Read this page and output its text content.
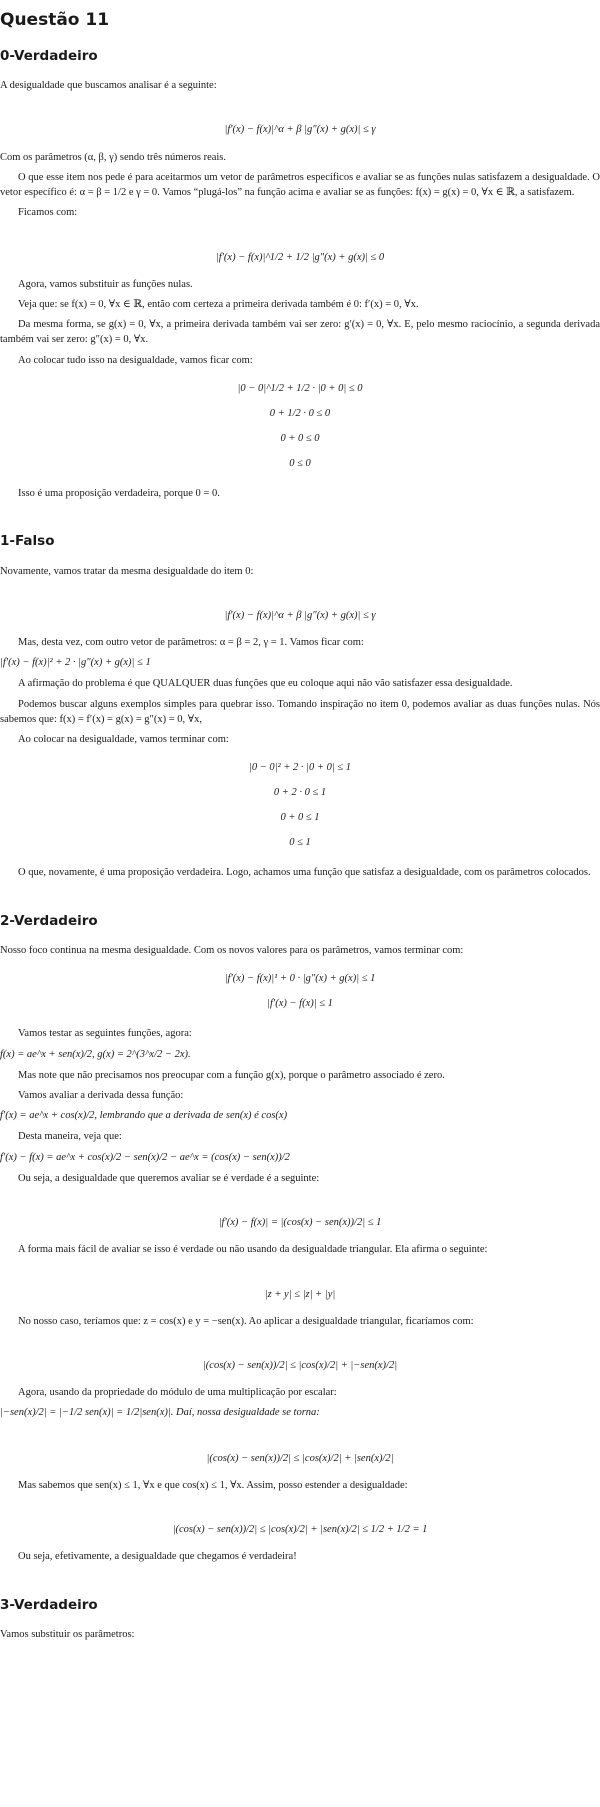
Questão 11
0-Verdadeiro

A desigualdade que buscamos analisar é a seguinte:

|f′(x) − f(x)|^α + β |g″(x) + g(x)| ≤ γ

Com os parâmetros (α, β, γ) sendo três números reais.

O que esse item nos pede é para aceitarmos um vetor de parâmetros específicos e avaliar se as funções nulas satisfazem a desigualdade. O vetor específico é: α = β = 1/2 e γ = 0. Vamos “plugá-los” na função acima e avaliar se as funções: f(x) = g(x) = 0, ∀x ∈ ℝ, a satisfazem.

Ficamos com:

|f′(x) − f(x)|^1/2 + 1/2 |g″(x) + g(x)| ≤ 0

Agora, vamos substituir as funções nulas.

Veja que: se f(x) = 0, ∀x ∈ ℝ, então com certeza a primeira derivada também é 0: f′(x) = 0, ∀x.

Da mesma forma, se g(x) = 0, ∀x, a primeira derivada também vai ser zero: g′(x) = 0, ∀x. E, pelo mesmo raciocínio, a segunda derivada também vai ser zero: g″(x) = 0, ∀x.

Ao colocar tudo isso na desigualdade, vamos ficar com:

|0 − 0|^1/2 + 1/2 · |0 + 0| ≤ 0
0 + 1/2 · 0 ≤ 0
0 + 0 ≤ 0
0 ≤ 0

Isso é uma proposição verdadeira, porque 0 = 0.

1-Falso

Novamente, vamos tratar da mesma desigualdade do item 0:

|f′(x) − f(x)|^α + β |g″(x) + g(x)| ≤ γ

Mas, desta vez, com outro vetor de parâmetros: α = β = 2, γ = 1. Vamos ficar com:

|f′(x) − f(x)|² + 2 · |g″(x) + g(x)| ≤ 1

A afirmação do problema é que QUALQUER duas funções que eu coloque aqui não vão satisfazer essa desigualdade.

Podemos buscar alguns exemplos simples para quebrar isso. Tomando inspiração no item 0, podemos avaliar as duas funções nulas. Nós sabemos que: f(x) = f′(x) = g(x) = g″(x) = 0, ∀x,

Ao colocar na desigualdade, vamos terminar com:

|0 − 0|² + 2 · |0 + 0| ≤ 1
0 + 2 · 0 ≤ 1
0 + 0 ≤ 1
0 ≤ 1

O que, novamente, é uma proposição verdadeira. Logo, achamos uma função que satisfaz a desigualdade, com os parâmetros colocados.

2-Verdadeiro

Nosso foco continua na mesma desigualdade. Com os novos valores para os parâmetros, vamos terminar com:

|f′(x) − f(x)|¹ + 0 · |g″(x) + g(x)| ≤ 1
|f′(x) − f(x)| ≤ 1

Vamos testar as seguintes funções, agora:

f(x) = ae^x + sen(x)/2, g(x) = 2^(3^x/2 − 2x).

Mas note que não precisamos nos preocupar com a função g(x), porque o parâmetro associado é zero.

Vamos avaliar a derivada dessa função:

f′(x) = ae^x + cos(x)/2, lembrando que a derivada de sen(x) é cos(x)

Desta maneira, veja que:

f′(x) − f(x) = ae^x + cos(x)/2 − sen(x)/2 − ae^x = (cos(x) − sen(x))/2

Ou seja, a desigualdade que queremos avaliar se é verdade é a seguinte:

|f′(x) − f(x)| = |(cos(x) − sen(x))/2| ≤ 1

A forma mais fácil de avaliar se isso é verdade ou não usando da desigualdade triangular. Ela afirma o seguinte:

|z + y| ≤ |z| + |y|

No nosso caso, teríamos que: z = cos(x) e y = −sen(x). Ao aplicar a desigualdade triangular, ficaríamos com:

|(cos(x) − sen(x))/2| ≤ |cos(x)/2| + |−sen(x)/2|

Agora, usando da propriedade do módulo de uma multiplicação por escalar:

|−sen(x)/2| = |−1/2 sen(x)| = 1/2|sen(x)|. Daí, nossa desigualdade se torna:
|(cos(x) − sen(x))/2| ≤ |cos(x)/2| + |sen(x)/2|

Mas sabemos que sen(x) ≤ 1, ∀x e que cos(x) ≤ 1, ∀x. Assim, posso estender a desigualdade:

|(cos(x) − sen(x))/2| ≤ |cos(x)/2| + |sen(x)/2| ≤ 1/2 + 1/2 = 1

Ou seja, efetivamente, a desigualdade que chegamos é verdadeira!

3-Verdadeiro

Vamos substituir os parâmetros:
